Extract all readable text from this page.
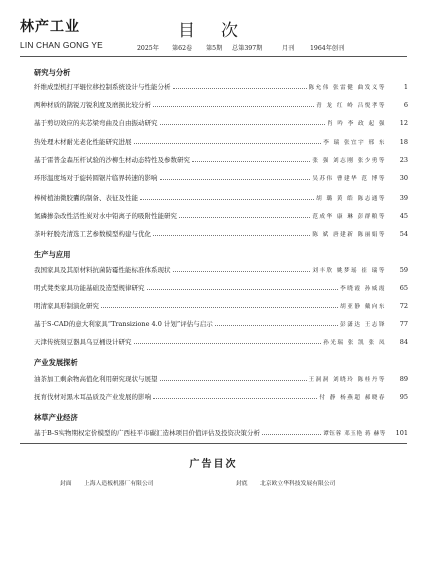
林产工业
LIN CHAN GONG YE
目次
2025年 第62卷 第5期 总第397期	月刊	1964年创刊
研究与分析
纤维成型机打平辊位移控制系统设计与性能分析	陈允伟 张雷健 曲发义等	1
两种材质的鹊锐刀锐利度及磨损比较分析	青 龙 红 岭 吕悦孝等	6
基于剪切效应的夹芯梁弯曲及自由振动研究	肖 吟 李 政 起 强	12
热处理木材耐光老化性能研究进展	李 瑞 张宜宇 邢 东	18
基于雷普金森压杆试验的沙柳生材动态特性及参数研究	张 强 刘志刚 张少勇等	23
环形温度场对于旋转圆锯片临界转速的影响	吴苏伟 曹建华 范 博等	30
棒树植油微胶囊的制备、表征及性能	胡 璐 黄 皓 陈志通等	39
氮磷掺杂改性活性炭对水中铅离子的吸附性能研究	范成华 康 琳 彭群粮等	45
茶叶籽脱壳清选工艺参数模型构建与优化	陈 斌 唐建新 陈丽娟等	54
生产与应用
我国家具及其原材料抗菌防霉性能标准体系现状	刘丰欣 姚梦瑶 崔 瑞等	59
明式凳类家具功能基础及造型规律研究	李晓霞 孙威霞	65
明清家具形制演化研究	胡亚静 戴向东	72
基于S-CAD的意大利家具“Transizione 4.0 计划”评估与启示	彭潇达 王志锋	77
天津传统刻豆器具乌豆桶设计研究	孙光瑞 张 凯 张 凤	84
产业发展探析
油茶加工剩余物高值化利用研究现状与展望	王洞洞 刘晓玲 陈桂丹等	89
抚育伐材对黑木耳品质及产业发展的影响	付 静 杨燕超 郝晓春	95
林草产业经济
基于B-S实物期权定价模型的广西桂平市碳汇造林项目价值评估及投资决策分析	谭钰蓉 邓玉艳 蒋 赫等	101
广告目次
封面 上海人造板机器厂有限公司	封底 北京欧立华科技发展有限公司
